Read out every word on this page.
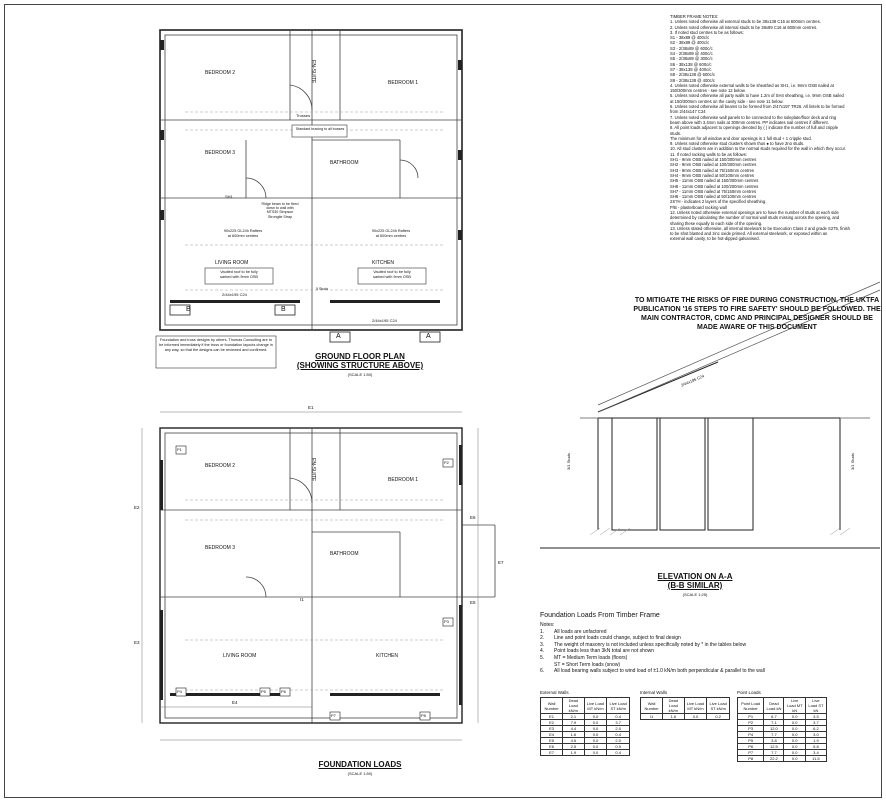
BEDROOM 2
BEDROOM 1
BEDROOM 3
BATHROOM
LIVING ROOM	KITCHEN
EN-SUITE
Trusses
Standard bracing to all trusses
Ridge beam to be fixed
down to wall with
MTS30 Simpson
Strongtie Strap
90x225 GL24h Rafters
at 600mm centres
90x225 GL24h Rafters
at 600mm centres
Vaulted roof to be fully
sarked with 9mm OSB
Vaulted roof to be fully
sarked with 9mm OSB
2/44x195 C24
2/44x195 C24
SH1
5 Studs
B	B
A	A
Foundation and truss designs by others. Thomas Consulting are to be informed immediately if the truss or foundation layouts change in any way, so that the designs can be reviewed and confirmed.
GROUND FLOOR PLAN
(SHOWING STRUCTURE ABOVE)
(SCALE 1:50)
BEDROOM 2
BEDROOM 1
BEDROOM 3
BATHROOM
LIVING ROOM	KITCHEN
EN-SUITE
E1
E2
E3
E4
E6
E7
E5
I1
P1
P2
P3
P4	P5	P6
P7	P8
FOUNDATION LOADS
(SCALE 1:50)
TIMBER FRAME NOTES:
1. Unless noted otherwise all external studs to be 38x138 C16 at 600mm centres.
2. Unless noted otherwise all internal studs to be 38x89 C16 at 600mm centres.
3. If noted stud centres to be as follows:
S1 - 38x89 @ 400c/c
S2 - 38x89 @ 400c/c
S3 - 2/38x89 @ 600c/c
S4 - 2/38x89 @ 400c/c
S5 - 2/38x89 @ 300c/c
S6 - 38x138 @ 600c/c
S7 - 38x138 @ 400c/c
S8 - 2/38x138 @ 600c/c
S9 - 2/38x138 @ 400c/c
4. Unless noted otherwise external walls to be sheathed as SH1, i.e. 9mm OSB nailed at
150/300mm centres - see note 12 below.
5. Unless noted otherwise all party walls to have 1.2m of SH4 sheathing, i.e. 9mm OSB nailed
at 150/300mm centres on the cavity side - see note 11 below.
6. Unless noted otherwise all beams to be formed from 2/47x197 TR26. All lintels to be formed
from 2/44x147 C24
7. Unless noted otherwise wall panels to be connected to the soleplate/floor deck and ring
beam above with 3.4mm nails at 300mm centres. PP indicates nail centres if different.
8. All point loads adjacent to openings denoted by ( ) indicate the number of full and cripple
studs.
The minimum for all window and door openings is 1 full stud + 1 cripple stud.
9. Unless noted otherwise stud clusters shown thus ● to have 2no studs.
10. All stud clusters are in addition to the normal studs required for the wall in which they occur.
11. If noted racking walls to be as follows:
SH1 - 9mm OSB nailed at 150/300mm centres
SH2 - 9mm OSB nailed at 100/300mm centres
SH3 - 9mm OSB nailed at 75/150mm centres
SH4 - 9mm OSB nailed at 50/100mm centres
SH5 - 11mm OSB nailed at 150/300mm centres
SH6 - 11mm OSB nailed at 100/200mm centres
SH7 - 11mm OSB nailed at 75/150mm centres
SH8 - 11mm OSB nailed at 50/100mm centres
2S?H - indicates 2 layers of the specified sheathing.
P/B - plasterboard racking wall
12. Unless noted otherwise external openings are to have the number of studs at each side
determined by calculating the number of normal wall studs missing across the opening, and
sharing these equally to each side of the opening.
13. Unless stated otherwise, all internal steelwork to be Execution Class 2 and grade S275, finish
to be shot blasted and zinc oxide primed. All external steelwork, or exposed within an
external wall cavity, to be hot-dipped galvanised.
TO MITIGATE THE RISKS OF FIRE DURING CONSTRUCTION, THE UKTFA PUBLICATION '16 STEPS TO FIRE SAFETY' SHOULD BE FOLLOWED. THE MAIN CONTRACTOR, CDMC AND PRINCIPAL DESIGNER SHOULD BE MADE AWARE OF THIS DOCUMENT
2/44x195 C24
3/1 Studs	3/1 Studs
ELEVATION ON A-A
(B-B SIMILAR)
(SCALE 1:25)
Foundation Loads From Timber Frame
Notes:
1.	All loads are unfactored
2.	Line and point loads could change, subject to final design
3.	The weight of masonry is not included unless specifically noted by * in the tables below
4.	Point loads less than 3kN total are not shown
5.	MT = Medium Term loads (floors)
ST = Short Term loads (snow)
6.	All load bearing walls subject to wind load of ±1.0 kN/m both perpendicular & parallel to the wall
External Walls
Wall Number	Dead Load kN/m	Live Load MT kN/m	Live Load ST kN/m
E1	2.1	0.0	0.4
E2	7.9	0.0	3.7
E3	4.4	0.0	2.0
E4	1.6	0.0	0.4
E5	4.5	0.0	2.0
E6	2.5	0.0	0.9
E7	1.9	0.0	0.4
Internal Walls
Wall Number	Dead Load kN/m	Live Load MT kN/m	Live Load ST kN/m
I1	1.6	0.0	0.2
Point Loads
Point Load Number	Dead Load kN	Live Load MT kN	Live Load ST kN
P1	6.7	0.0	3.5
P2	7.1	0.0	3.7
P3	12.0	0.0	6.2
P4	7.7	0.0	3.0
P5	3.8	0.0	1.9
P6	12.5	0.0	5.8
P7	7.7	0.0	3.4
P8	22.2	0.0	11.5
